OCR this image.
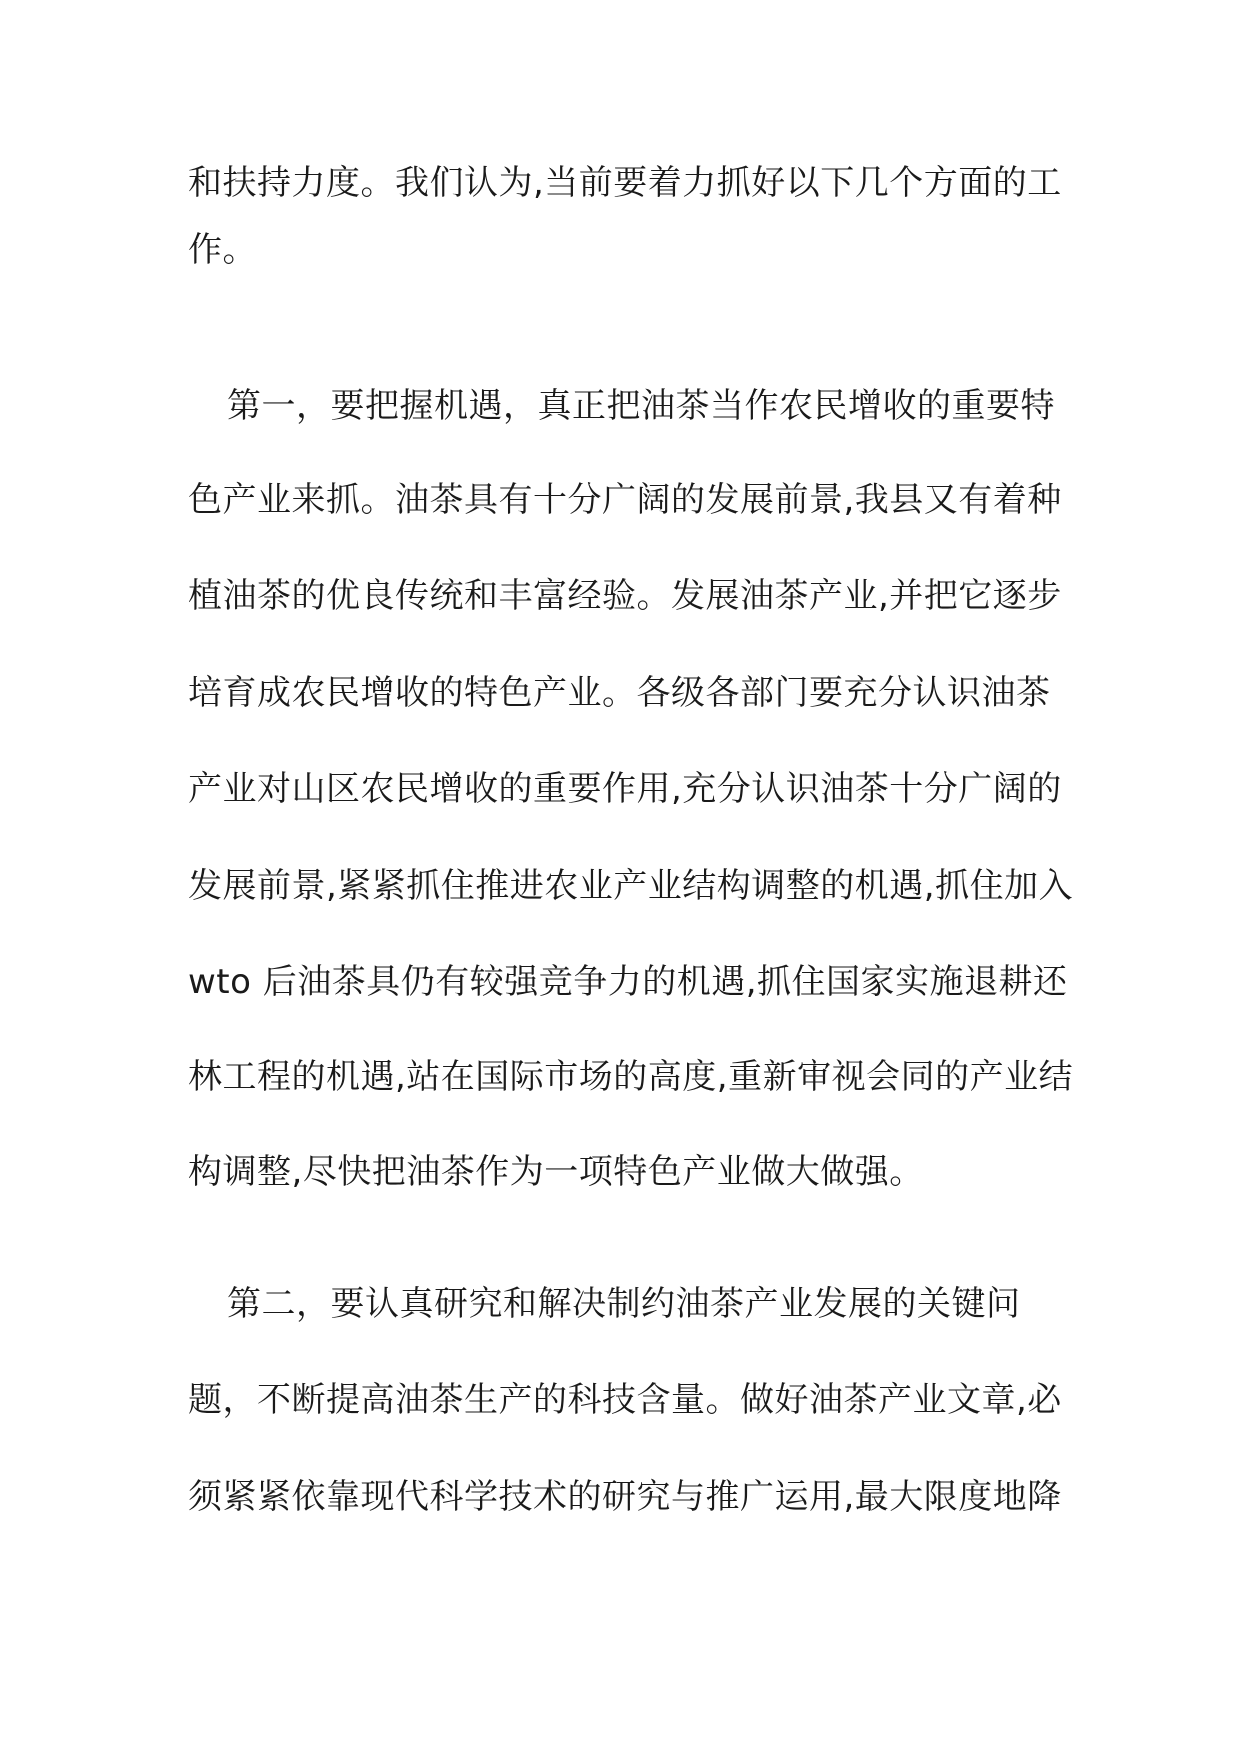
和扶持力度。我们认为,当前要着力抓好以下几个方面的工
作。
第一，要把握机遇，真正把油茶当作农民增收的重要特
色产业来抓。油茶具有十分广阔的发展前景,我县又有着种
植油茶的优良传统和丰富经验。发展油茶产业,并把它逐步
培育成农民增收的特色产业。各级各部门要充分认识油茶
产业对山区农民增收的重要作用,充分认识油茶十分广阔的
发展前景,紧紧抓住推进农业产业结构调整的机遇,抓住加入
wto 后油茶具仍有较强竞争力的机遇,抓住国家实施退耕还
林工程的机遇,站在国际市场的高度,重新审视会同的产业结
构调整,尽快把油茶作为一项特色产业做大做强。
第二，要认真研究和解决制约油茶产业发展的关键问
题，不断提高油茶生产的科技含量。做好油茶产业文章,必
须紧紧依靠现代科学技术的研究与推广运用,最大限度地降
